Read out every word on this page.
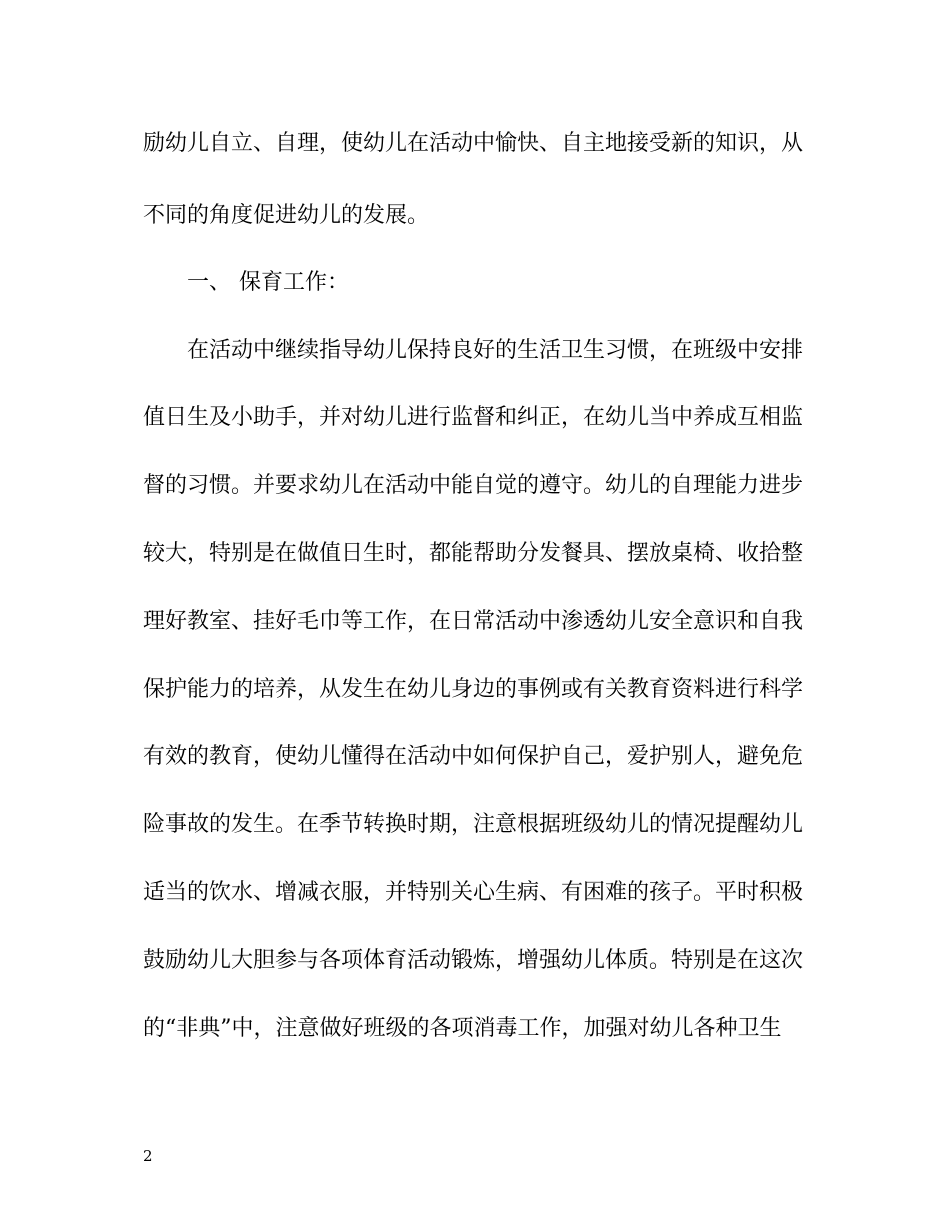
励幼儿自立、自理，使幼儿在活动中愉快、自主地接受新的知识，从
不同的角度促进幼儿的发展。
一、 保育工作：
在活动中继续指导幼儿保持良好的生活卫生习惯，在班级中安排
值日生及小助手，并对幼儿进行监督和纠正，在幼儿当中养成互相监
督的习惯。并要求幼儿在活动中能自觉的遵守。幼儿的自理能力进步
较大，特别是在做值日生时，都能帮助分发餐具、摆放桌椅、收拾整
理好教室、挂好毛巾等工作，在日常活动中渗透幼儿安全意识和自我
保护能力的培养，从发生在幼儿身边的事例或有关教育资料进行科学
有效的教育，使幼儿懂得在活动中如何保护自己，爱护别人，避免危
险事故的发生。在季节转换时期，注意根据班级幼儿的情况提醒幼儿
适当的饮水、增减衣服，并特别关心生病、有困难的孩子。平时积极
鼓励幼儿大胆参与各项体育活动锻炼，增强幼儿体质。特别是在这次
的“非典”中，注意做好班级的各项消毒工作，加强对幼儿各种卫生
2
